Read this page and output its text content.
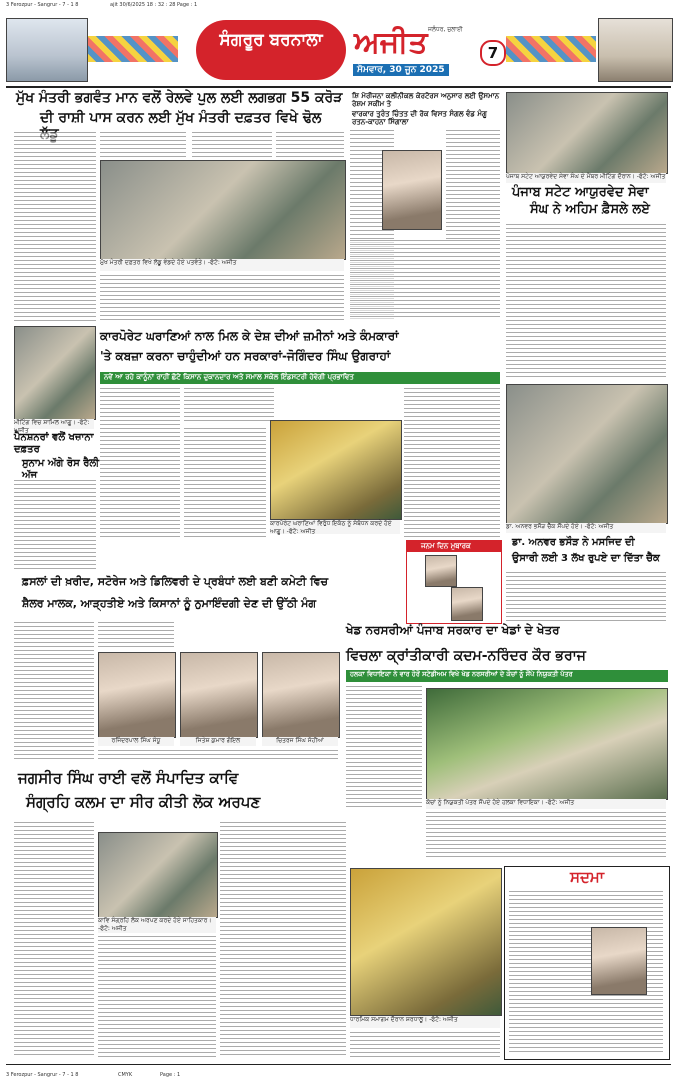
3 Ferozpur - Sangrur - 7 - 1 8	ajit 30/6/2025 18 : 32 : 28 Page : 1
ਸੰਗਰੂਰ ਬਰਨਾਲਾ ਅਜੀਤ ਜਲੰਧਰ, ਜੁਲਾਈ
ਸੋਮਵਾਰ, 30 ਜੂਨ 2025
7
ਮੁੱਖ ਮੰਤਰੀ ਭਗਵੰਤ ਮਾਨ ਵਲੋਂ ਰੇਲਵੇ ਪੁਲ ਲਈ ਲਗਭਗ 55 ਕਰੋੜ
ਦੀ ਰਾਸ਼ੀ ਪਾਸ ਕਰਨ ਲਈ ਮੁੱਖ ਮੰਤਰੀ ਦਫ਼ਤਰ ਵਿਖੇ ਢੋਲ
ਮੁੱਖ ਮੰਤਰੀ ਦਫ਼ਤਰ ਵਿਖੇ ਲੱਡੂ ਵੰਡਦੇ ਹੋਏ ਪਤਵੰਤੇ। -ਫੋਟੋ: ਅਜੀਤ
ਸ਼ਿ ਮੋਰੀਜਨਾ ਕਲੀਨੀਕਲ ਕੇਰਟੋਰਸ ਅਨੁਸਾਰ ਲਈ ਉਸਮਾਨ ਰੇਸ਼ਮ ਸਕੀਮ ਤੇ
ਵਾਰਕਾਰ ਤੁਰੰਤ ਚਿੰਤਤ ਦੀ ਰੋਕ ਵਿਸਤ ਸੰਗਲ ਵੰਡ ਮੰਗੂ ਰਤਨ-ਕਾਹਨਾ ਸਿੰਗਾਲਾ
ਪੰਜਾਬ ਸਟੇਟ ਆਯੁਰਵੇਦ ਸੇਵਾ ਸੰਘ ਦੇ ਮੈਂਬਰ ਮੀਟਿੰਗ ਦੌਰਾਨ। -ਫੋਟੋ: ਅਜੀਤ
ਪੰਜਾਬ ਸਟੇਟ ਆਯੁਰਵੇਦ ਸੇਵਾ
ਸੰਘ ਨੇ ਅਹਿਮ ਫ਼ੈਸਲੇ ਲਏ
ਮੀਟਿੰਗ ਵਿਚ ਸ਼ਾਮਿਲ ਆਗੂ। -ਫੋਟੋ: ਅਜੀਤ
ਕਾਰਪੋਰੇਟ ਘਰਾਣਿਆਂ ਨਾਲ ਮਿਲ ਕੇ ਦੇਸ਼ ਦੀਆਂ ਜ਼ਮੀਨਾਂ ਅਤੇ ਕੰਮਕਾਰਾਂ
'ਤੇ ਕਬਜ਼ਾ ਕਰਨਾ ਚਾਹੁੰਦੀਆਂ ਹਨ ਸਰਕਾਰਾਂ-ਜੋਗਿੰਦਰ ਸਿੰਘ ਉਗਰਾਹਾਂ
ਨਵੇਂ ਆ ਰਹੇ ਕਾਨੂੰਨਾਂ ਰਾਹੀਂ ਛੋਟੇ ਕਿਸਾਨ ਦੁਕਾਨਦਾਰ ਅਤੇ ਸਮਾਲ ਸਕੇਲ ਇੰਡਸਟਰੀ ਹੋਵੇਗੀ ਪ੍ਰਭਾਵਿਤ
ਕਾਰਪੋਰੇਟ ਘਰਾਣਿਆਂ ਵਿਰੁੱਧ ਇਕੱਠ ਨੂੰ ਸੰਬੋਧਨ ਕਰਦੇ ਹੋਏ ਆਗੂ। -ਫੋਟੋ: ਅਜੀਤ
ਪੈਨਸ਼ਨਰਾਂ ਵਲੋਂ ਖਜ਼ਾਨਾ ਦਫ਼ਤਰ
ਸੁਨਾਮ ਅੱਗੇ ਰੋਸ ਰੈਲੀ ਅੱਜ
ਡਾ. ਅਨਵਰ ਭਸੌੜ ਚੈੱਕ ਸੌਂਪਦੇ ਹੋਏ। -ਫੋਟੋ: ਅਜੀਤ
ਡਾ. ਅਨਵਰ ਭਸੌੜ ਨੇ ਮਸਜਿਦ ਦੀ
ਉਸਾਰੀ ਲਈ 3 ਲੱਖ ਰੁਪਏ ਦਾ ਦਿੱਤਾ ਚੈੱਕ
ਜਨਮ ਦਿਨ ਮੁਬਾਰਕ
ਫ਼ਸਲਾਂ ਦੀ ਖ਼ਰੀਦ, ਸਟੋਰੇਜ ਅਤੇ ਡਿਲਿਵਰੀ ਦੇ ਪ੍ਰਬੰਧਾਂ ਲਈ ਬਣੀ ਕਮੇਟੀ ਵਿਚ
ਸ਼ੈਲਰ ਮਾਲਕ, ਆੜ੍ਹਤੀਏ ਅਤੇ ਕਿਸਾਨਾਂ ਨੂੰ ਨੁਮਾਇੰਦਗੀ ਦੇਣ ਦੀ ਉੱਠੀ ਮੰਗ
ਰਜਿੰਦਰਪਾਲ ਸਿੰਘ ਸੰਧੂ	ਜਿਤੇਸ਼ ਕੁਮਾਰ ਗੋਇਲ	ਚਿਤਰਜ ਸਿੰਘ ਸੋਹੀਆਂ
ਖੇਡ ਨਰਸਰੀਆਂ ਪੰਜਾਬ ਸਰਕਾਰ ਦਾ ਖੇਡਾਂ ਦੇ ਖੇਤਰ
ਵਿਚਲਾ ਕ੍ਰਾਂਤੀਕਾਰੀ ਕਦਮ-ਨਰਿੰਦਰ ਕੌਰ ਭਰਾਜ
ਹਲਕਾ ਵਿਧਾਇਕਾ ਨੇ ਵਾਰ ਹੋਰੋਂ ਸਟੇਡੀਅਮ ਵਿਖੇ ਖੇਡ ਨਰਸਰੀਆਂ ਦੇ ਕੋਚਾਂ ਨੂੰ ਸੌਂਪੇ ਨਿਯੁਕਤੀ ਪੱਤਰ
ਕੋਚਾਂ ਨੂੰ ਨਿਯੁਕਤੀ ਪੱਤਰ ਸੌਂਪਦੇ ਹੋਏ ਹਲਕਾ ਵਿਧਾਇਕਾ। -ਫੋਟੋ: ਅਜੀਤ
ਜਗਸੀਰ ਸਿੰਘ ਰਾਈ ਵਲੋਂ ਸੰਪਾਦਿਤ ਕਾਵਿ
ਸੰਗ੍ਰਹਿ ਕਲਮ ਦਾ ਸੀਰ ਕੀਤੀ ਲੋਕ ਅਰਪਣ
ਕਾਵਿ ਸੰਗ੍ਰਹਿ ਲੋਕ ਅਰਪਣ ਕਰਦੇ ਹੋਏ ਸਾਹਿਤਕਾਰ। -ਫੋਟੋ: ਅਜੀਤ
ਧਾਰਮਿਕ ਸਮਾਗਮ ਦੌਰਾਨ ਸ਼ਰਧਾਲੂ। -ਫੋਟੋ: ਅਜੀਤ
ਸਦਮਾ
3 Ferozpur - Sangrur - 7 - 1 8	CMYK	Page : 1
